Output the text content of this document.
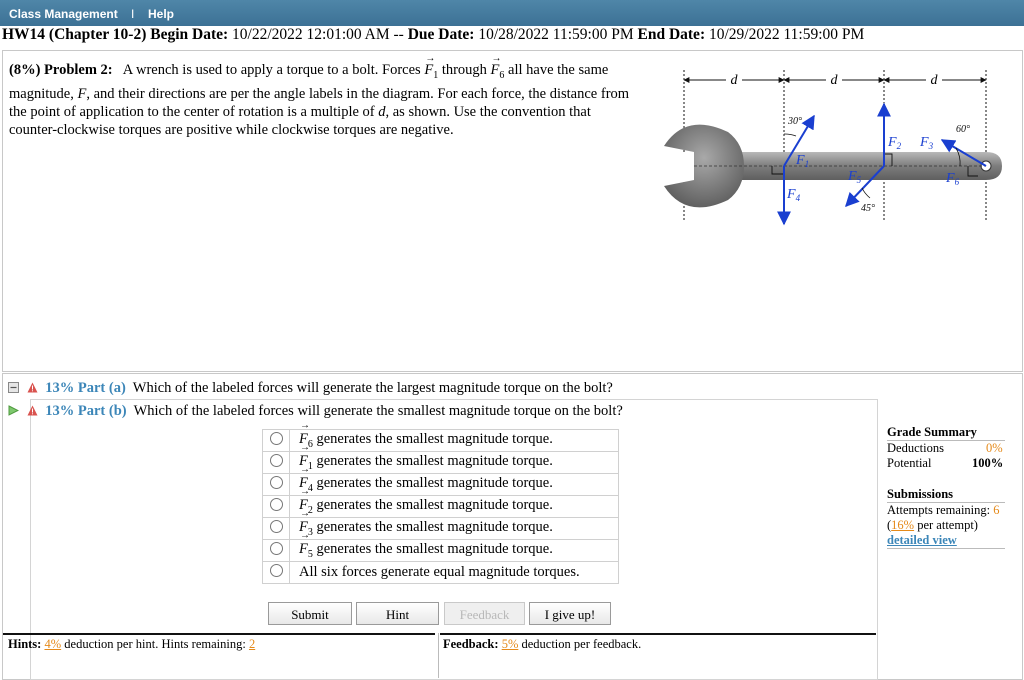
Class Management I Help
HW14 (Chapter 10-2) Begin Date: 10/22/2022 12:01:00 AM -- Due Date: 10/28/2022 11:59:00 PM End Date: 10/29/2022 11:59:00 PM
(8%) Problem 2: A wrench is used to apply a torque to a bolt. Forces → $F_1$ through → $F_6$ all have the same magnitude, F, and their directions are per the angle labels in the diagram. For each force, the distance from the point of application to the center of rotation is a multiple of d, as shown. Use the convention that counter-clockwise torques are positive while clockwise torques are negative.
d	d	d
$F_1$
$F_4$
$F_2$ $F_3$
$F_5$	$F_6$
30°
45°
60°
13% Part (a) Which of the labeled forces will generate the largest magnitude torque on the bolt?
13% Part (b) Which of the labeled forces will generate the smallest magnitude torque on the bolt?
	→ $F_6$ generates the smallest magnitude torque.
	→ $F_1$ generates the smallest magnitude torque.
	→ $F_4$ generates the smallest magnitude torque.
	→ $F_2$ generates the smallest magnitude torque.
	→ $F_3$ generates the smallest magnitude torque.
	→ $F_5$ generates the smallest magnitude torque.
	All six forces generate equal magnitude torques.
Submit	Hint	Feedback	I give up!
Hints: 4% deduction per hint. Hints remaining: 2	Feedback: 5% deduction per feedback.
Grade Summary
Deductions	0%
Potential	100%
Submissions
Attempts remaining: 6
(16% per attempt)
detailed view
